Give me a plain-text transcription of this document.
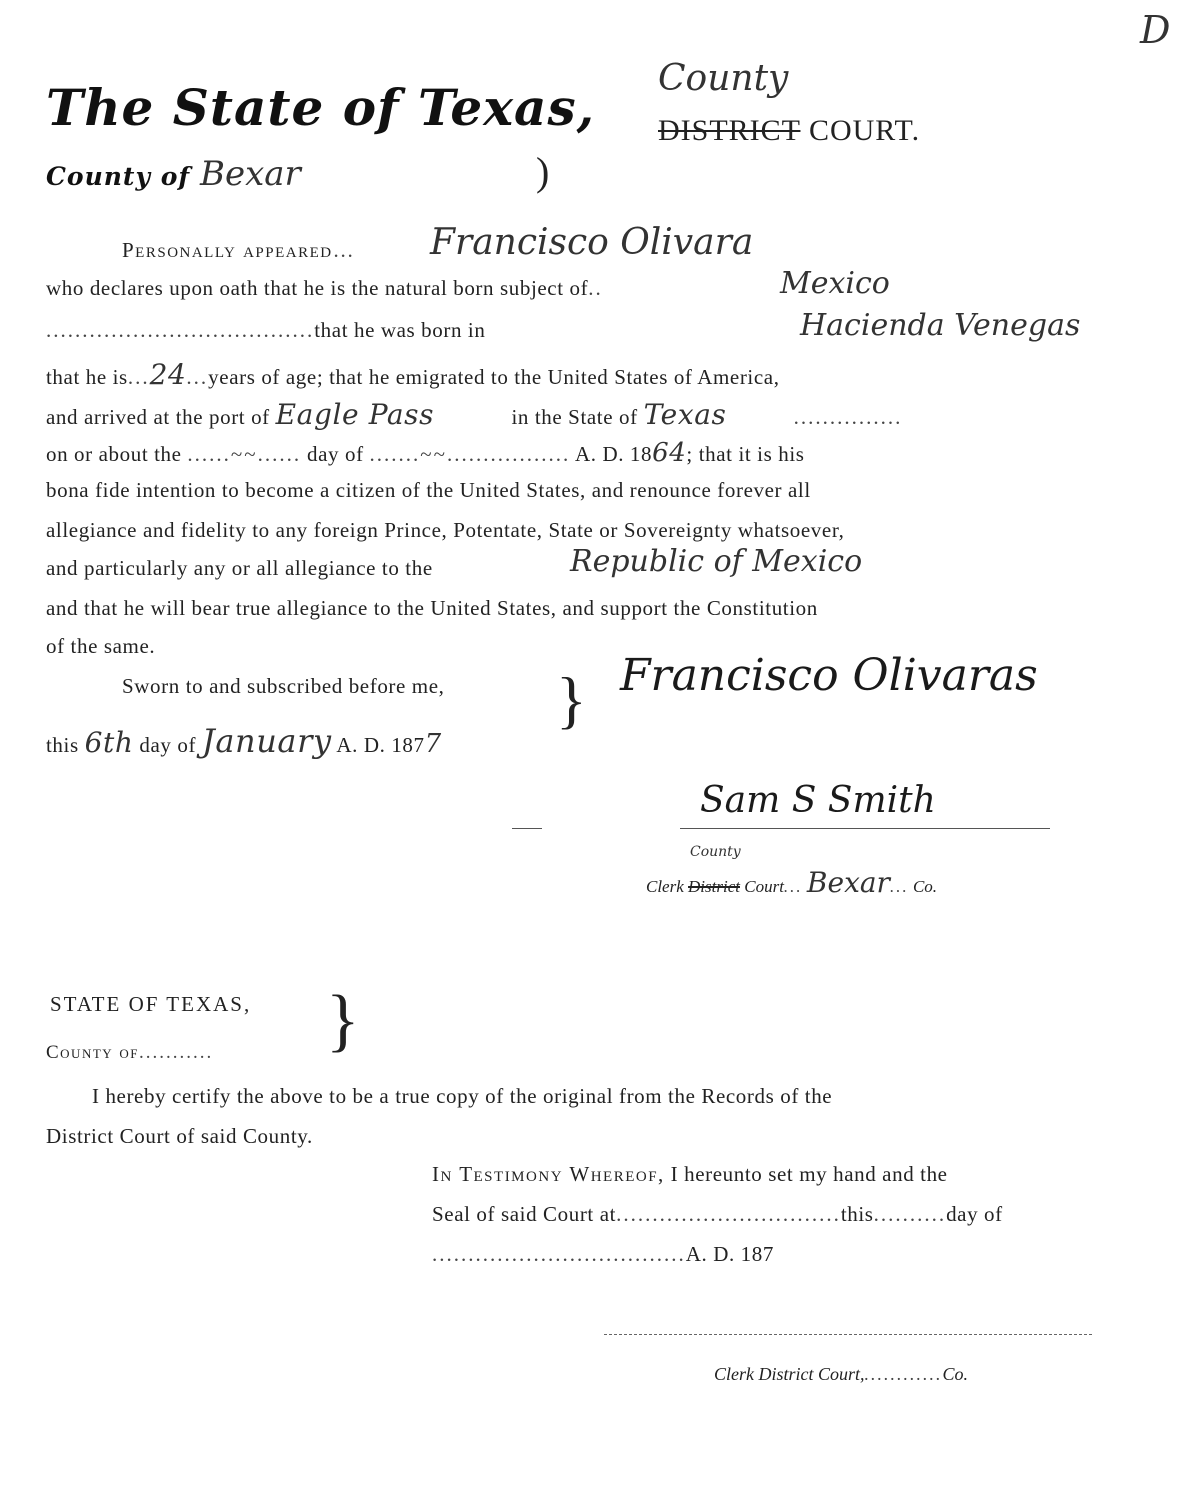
D
The State of Texas, County
DISTRICT COURT.
County of Bexar	)
Personally appeared… Francisco Olivara
who declares upon oath that he is the natural born subject of..	Mexico
.....................................that he was born in	Hacienda Venegas
that he is...24...years of age; that he emigrated to the United States of America,
and arrived at the port of Eagle Pass	in the State of Texas	...............
on or about the ......~~...... day of .......~~................. A. D. 1864; that it is his
bona fide intention to become a citizen of the United States, and renounce forever all
allegiance and fidelity to any foreign Prince, Potentate, State or Sovereignty whatsoever,
and particularly any or all allegiance to the	Republic of Mexico
and that he will bear true allegiance to the United States, and support the Constitution
of the same.
Sworn to and subscribed before me,
this 6th day of January A. D. 1877
} Francisco Olivaras
Sam S Smith
County
Clerk District Court... Bexar... Co.
STATE OF TEXAS,
County of........... }
I hereby certify the above to be a true copy of the original from the Records of the
District Court of said County.
In Testimony Whereof, I hereunto set my hand and the
Seal of said Court at...............................this..........day of
...................................A. D. 187
Clerk District Court,............Co.
